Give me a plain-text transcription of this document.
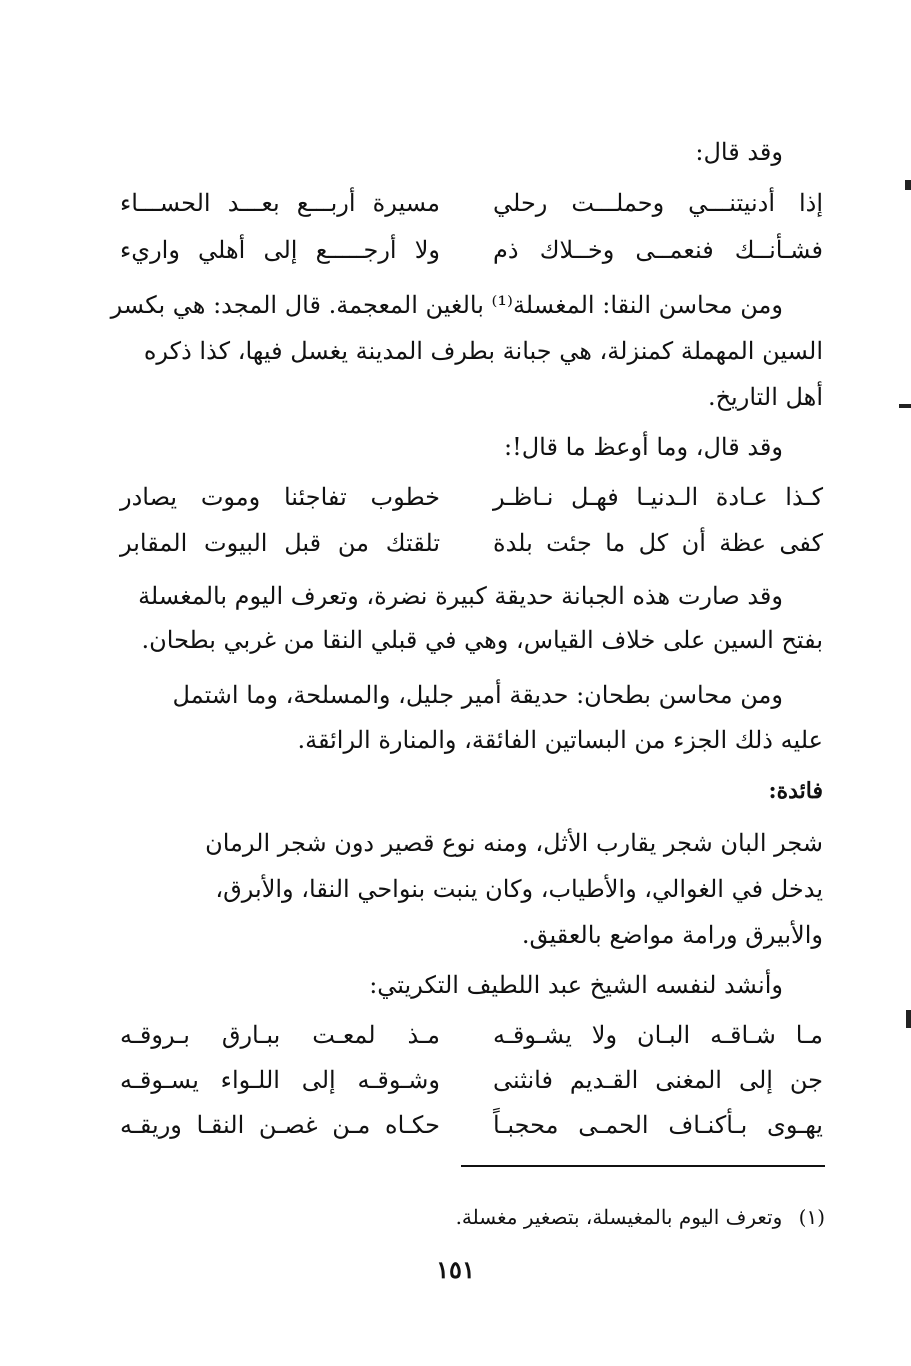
وقد قال:
إذا أدنيتنـــي وحملـــت رحلي
مسيرة أربـــع بعـــد الحســـاء
فشـأنــك فنعمــى وخــلاك ذم
ولا أرجـــــع إلى أهلي واريء
ومن محاسن النقا: المغسلة⁽¹⁾ بالغين المعجمة. قال المجد: هي بكسر
السين المهملة كمنزلة، هي جبانة بطرف المدينة يغسل فيها، كذا ذكره
أهل التاريخ.
وقد قال، وما أوعظ ما قال!:
كـذا عـادة الـدنيـا فهـل نـاظـر
خطوب تفاجئنا وموت يصادر
كفى عظة أن كل ما جئت بلدة
تلقتك من قبل البيوت المقابر
وقد صارت هذه الجبانة حديقة كبيرة نضرة، وتعرف اليوم بالمغسلة
بفتح السين على خلاف القياس، وهي في قبلي النقا من غربي بطحان.
ومن محاسن بطحان: حديقة أمير جليل، والمسلحة، وما اشتمل
عليه ذلك الجزء من البساتين الفائقة، والمنارة الرائقة.
فائدة:
شجر البان شجر يقارب الأثل، ومنه نوع قصير دون شجر الرمان
يدخل في الغوالي، والأطياب، وكان ينبت بنواحي النقا، والأبرق،
والأبيرق ورامة مواضع بالعقيق.
وأنشد لنفسه الشيخ عبد اللطيف التكريتي:
مـا شـاقـه البـان ولا يشـوقـه
مـذ لمعـت ببـارق بـروقـه
جن إلى المغنى القـديم فانثنى
وشـوقـه إلى اللـواء يسـوقـه
يهـوى بـأكنـاف الحمـى محجبـاً
حكـاه مـن غصـن النقـا وريقـه
(١) وتعرف اليوم بالمغيسلة، بتصغير مغسلة.
١٥١
